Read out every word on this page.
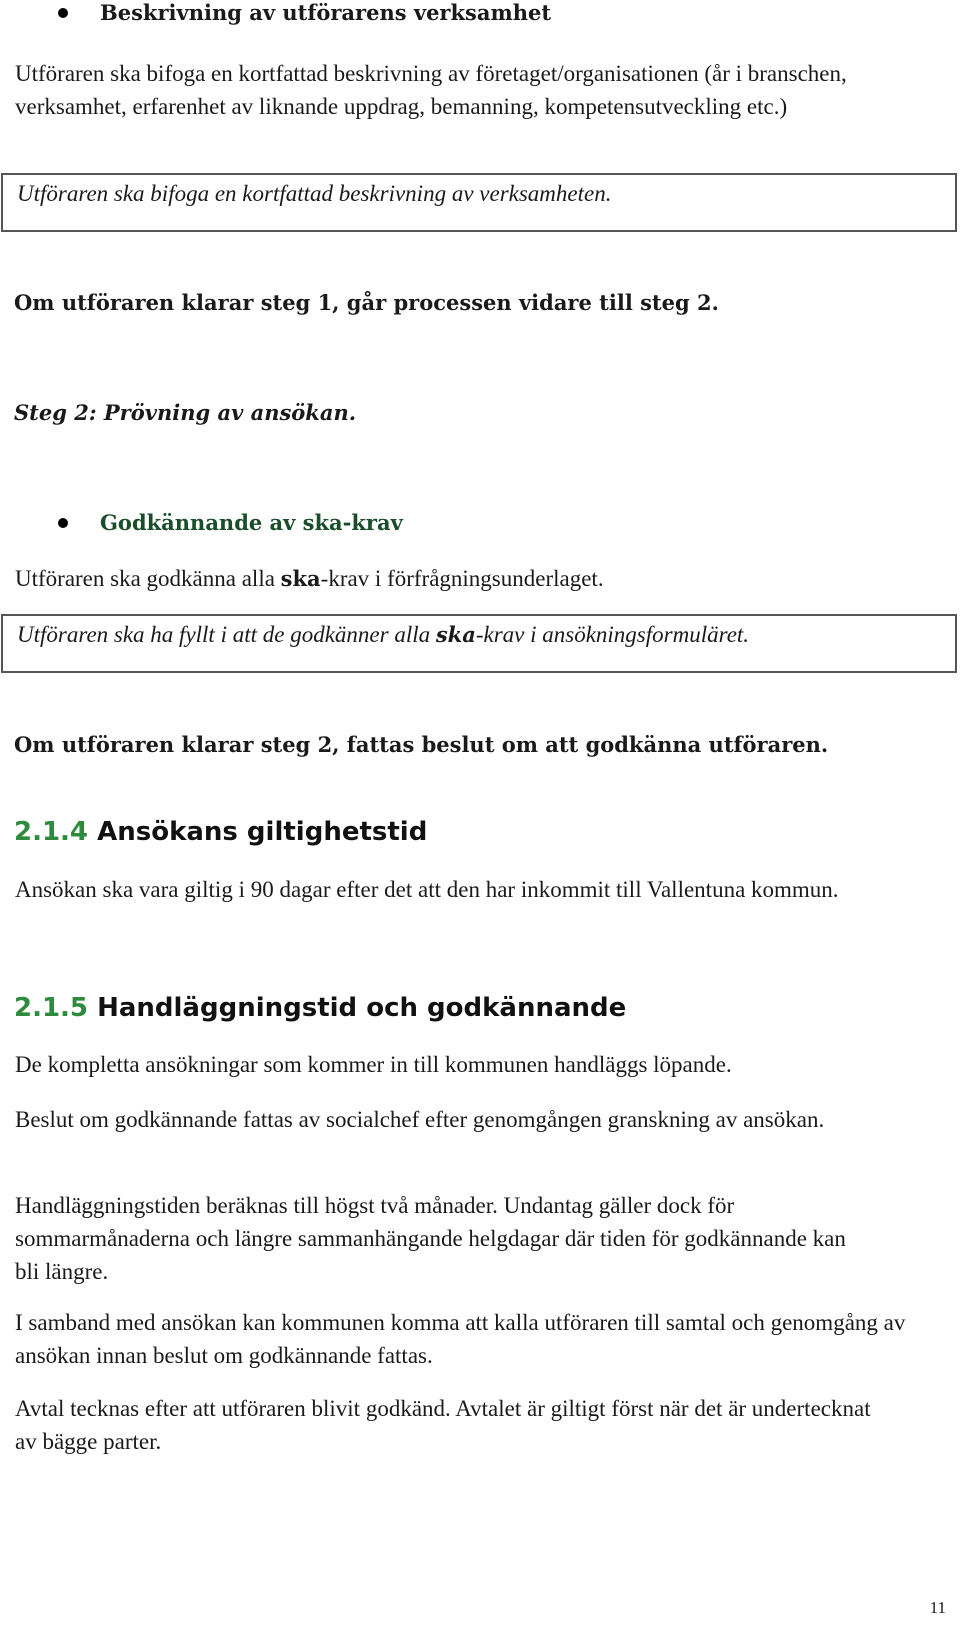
Beskrivning av utförarens verksamhet

Utföraren ska bifoga en kortfattad beskrivning av företaget/organisationen (år i branschen, verksamhet, erfarenhet av liknande uppdrag, bemanning, kompetensutveckling etc.)

Utföraren ska bifoga en kortfattad beskrivning av verksamheten.

Om utföraren klarar steg 1, går processen vidare till steg 2.

Steg 2: Prövning av ansökan.

Godkännande av ska-krav

Utföraren ska godkänna alla ska-krav i förfrågningsunderlaget.

Utföraren ska ha fyllt i att de godkänner alla ska-krav i ansökningsformuläret.

Om utföraren klarar steg 2, fattas beslut om att godkänna utföraren.

2.1.4 Ansökans giltighetstid

Ansökan ska vara giltig i 90 dagar efter det att den har inkommit till Vallentuna kommun.

2.1.5 Handläggningstid och godkännande

De kompletta ansökningar som kommer in till kommunen handläggs löpande.

Beslut om godkännande fattas av socialchef efter genomgången granskning av ansökan.

Handläggningstiden beräknas till högst två månader. Undantag gäller dock för sommarmånaderna och längre sammanhängande helgdagar där tiden för godkännande kan bli längre.

I samband med ansökan kan kommunen komma att kalla utföraren till samtal och genomgång av ansökan innan beslut om godkännande fattas.

Avtal tecknas efter att utföraren blivit godkänd. Avtalet är giltigt först när det är undertecknat av bägge parter.

11
